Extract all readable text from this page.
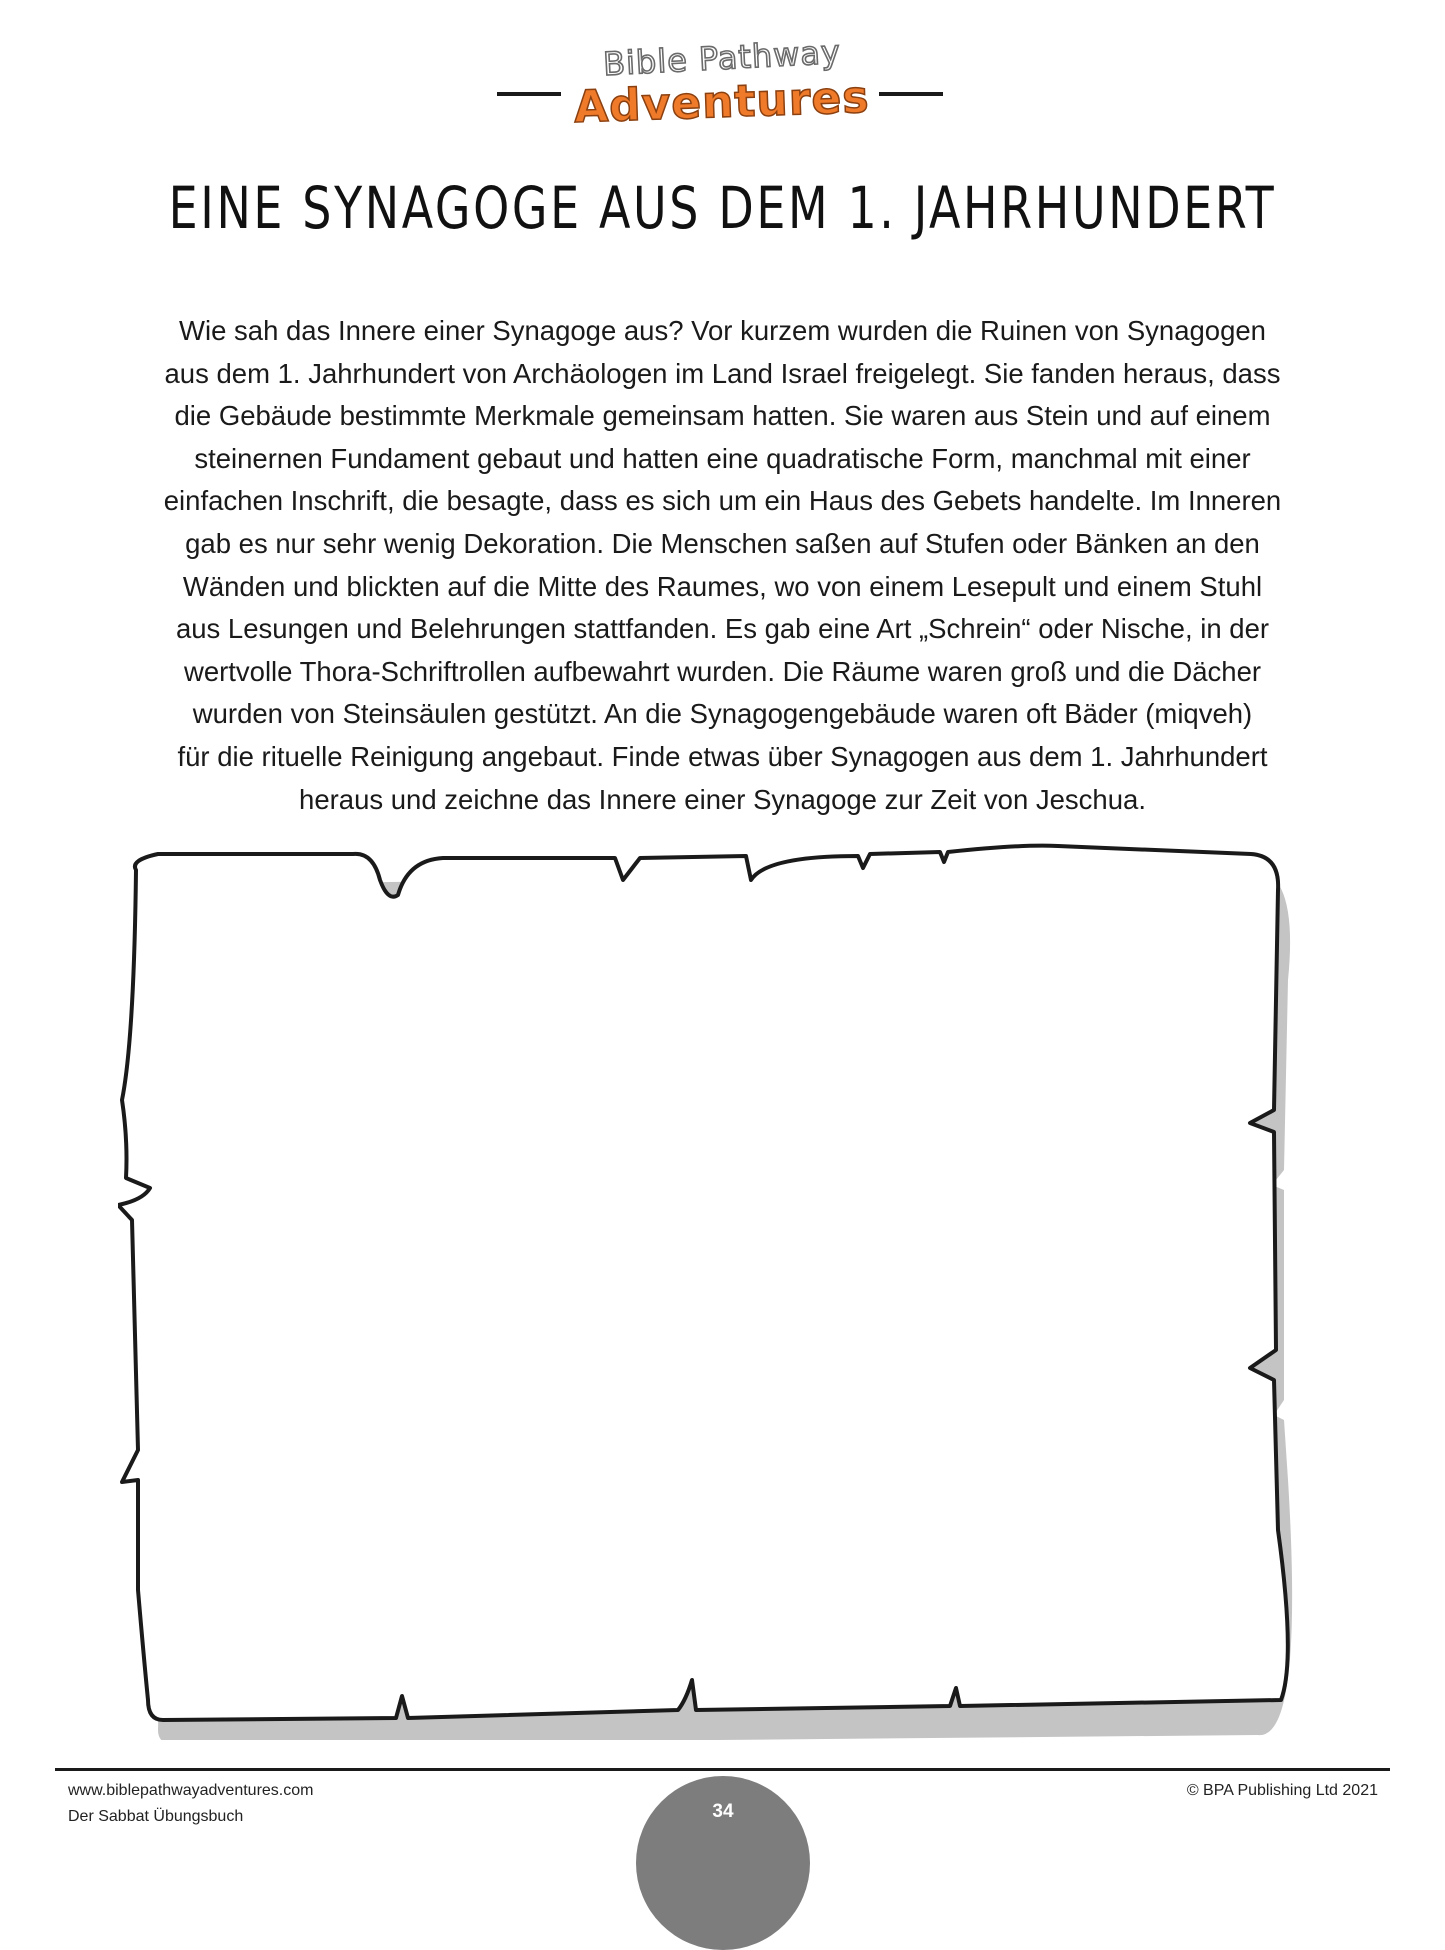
Bible Pathway
Adventures
EINE SYNAGOGE AUS DEM 1. JAHRHUNDERT
Wie sah das Innere einer Synagoge aus? Vor kurzem wurden die Ruinen von Synagogen
aus dem 1. Jahrhundert von Archäologen im Land Israel freigelegt. Sie fanden heraus, dass
die Gebäude bestimmte Merkmale gemeinsam hatten. Sie waren aus Stein und auf einem
steinernen Fundament gebaut und hatten eine quadratische Form, manchmal mit einer
einfachen Inschrift, die besagte, dass es sich um ein Haus des Gebets handelte. Im Inneren
gab es nur sehr wenig Dekoration. Die Menschen saßen auf Stufen oder Bänken an den
Wänden und blickten auf die Mitte des Raumes, wo von einem Lesepult und einem Stuhl
aus Lesungen und Belehrungen stattfanden. Es gab eine Art „Schrein“ oder Nische, in der
wertvolle Thora-Schriftrollen aufbewahrt wurden. Die Räume waren groß und die Dächer
wurden von Steinsäulen gestützt. An die Synagogengebäude waren oft Bäder (miqveh)
für die rituelle Reinigung angebaut. Finde etwas über Synagogen aus dem 1. Jahrhundert
heraus und zeichne das Innere einer Synagoge zur Zeit von Jeschua.
www.biblepathwayadventures.com
Der Sabbat Übungsbuch
© BPA Publishing Ltd 2021
34
